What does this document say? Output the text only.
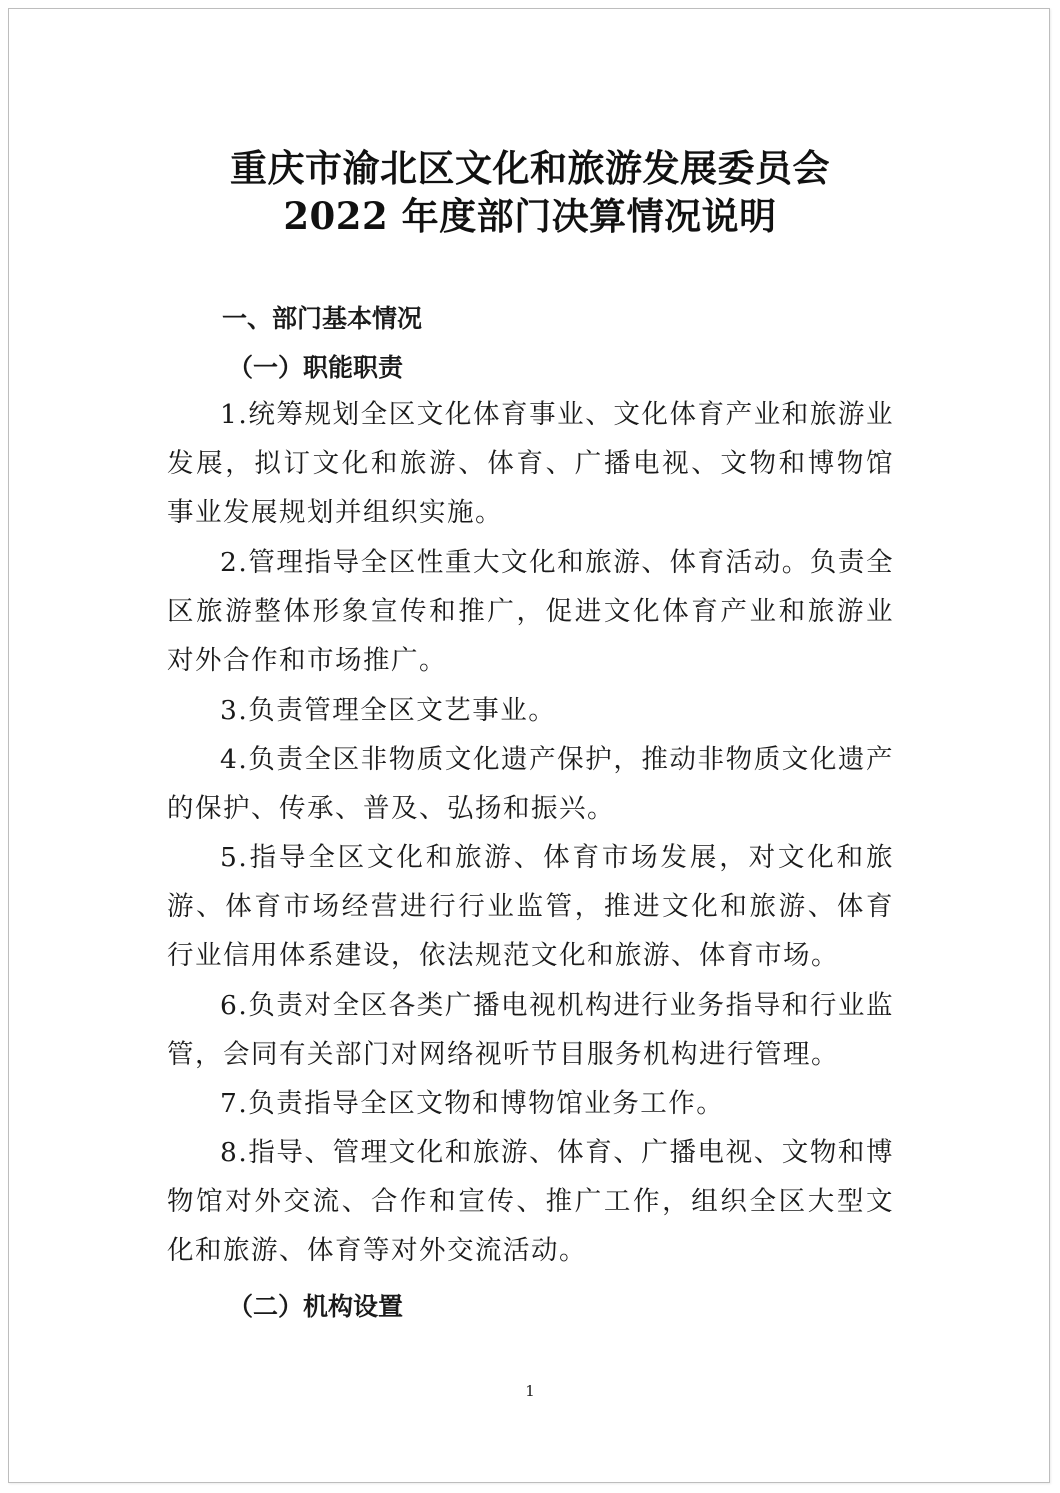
重庆市渝北区文化和旅游发展委员会
2022 年度部门决算情况说明
一、部门基本情况
（一）职能职责

1.统筹规划全区文化体育事业、文化体育产业和旅游业发展，拟订文化和旅游、体育、广播电视、文物和博物馆事业发展规划并组织实施。

2.管理指导全区性重大文化和旅游、体育活动。负责全区旅游整体形象宣传和推广，促进文化体育产业和旅游业对外合作和市场推广。

3.负责管理全区文艺事业。

4.负责全区非物质文化遗产保护，推动非物质文化遗产的保护、传承、普及、弘扬和振兴。

5.指导全区文化和旅游、体育市场发展，对文化和旅游、体育市场经营进行行业监管，推进文化和旅游、体育行业信用体系建设，依法规范文化和旅游、体育市场。

6.负责对全区各类广播电视机构进行业务指导和行业监管，会同有关部门对网络视听节目服务机构进行管理。

7.负责指导全区文物和博物馆业务工作。

8.指导、管理文化和旅游、体育、广播电视、文物和博物馆对外交流、合作和宣传、推广工作，组织全区大型文化和旅游、体育等对外交流活动。

（二）机构设置

1
